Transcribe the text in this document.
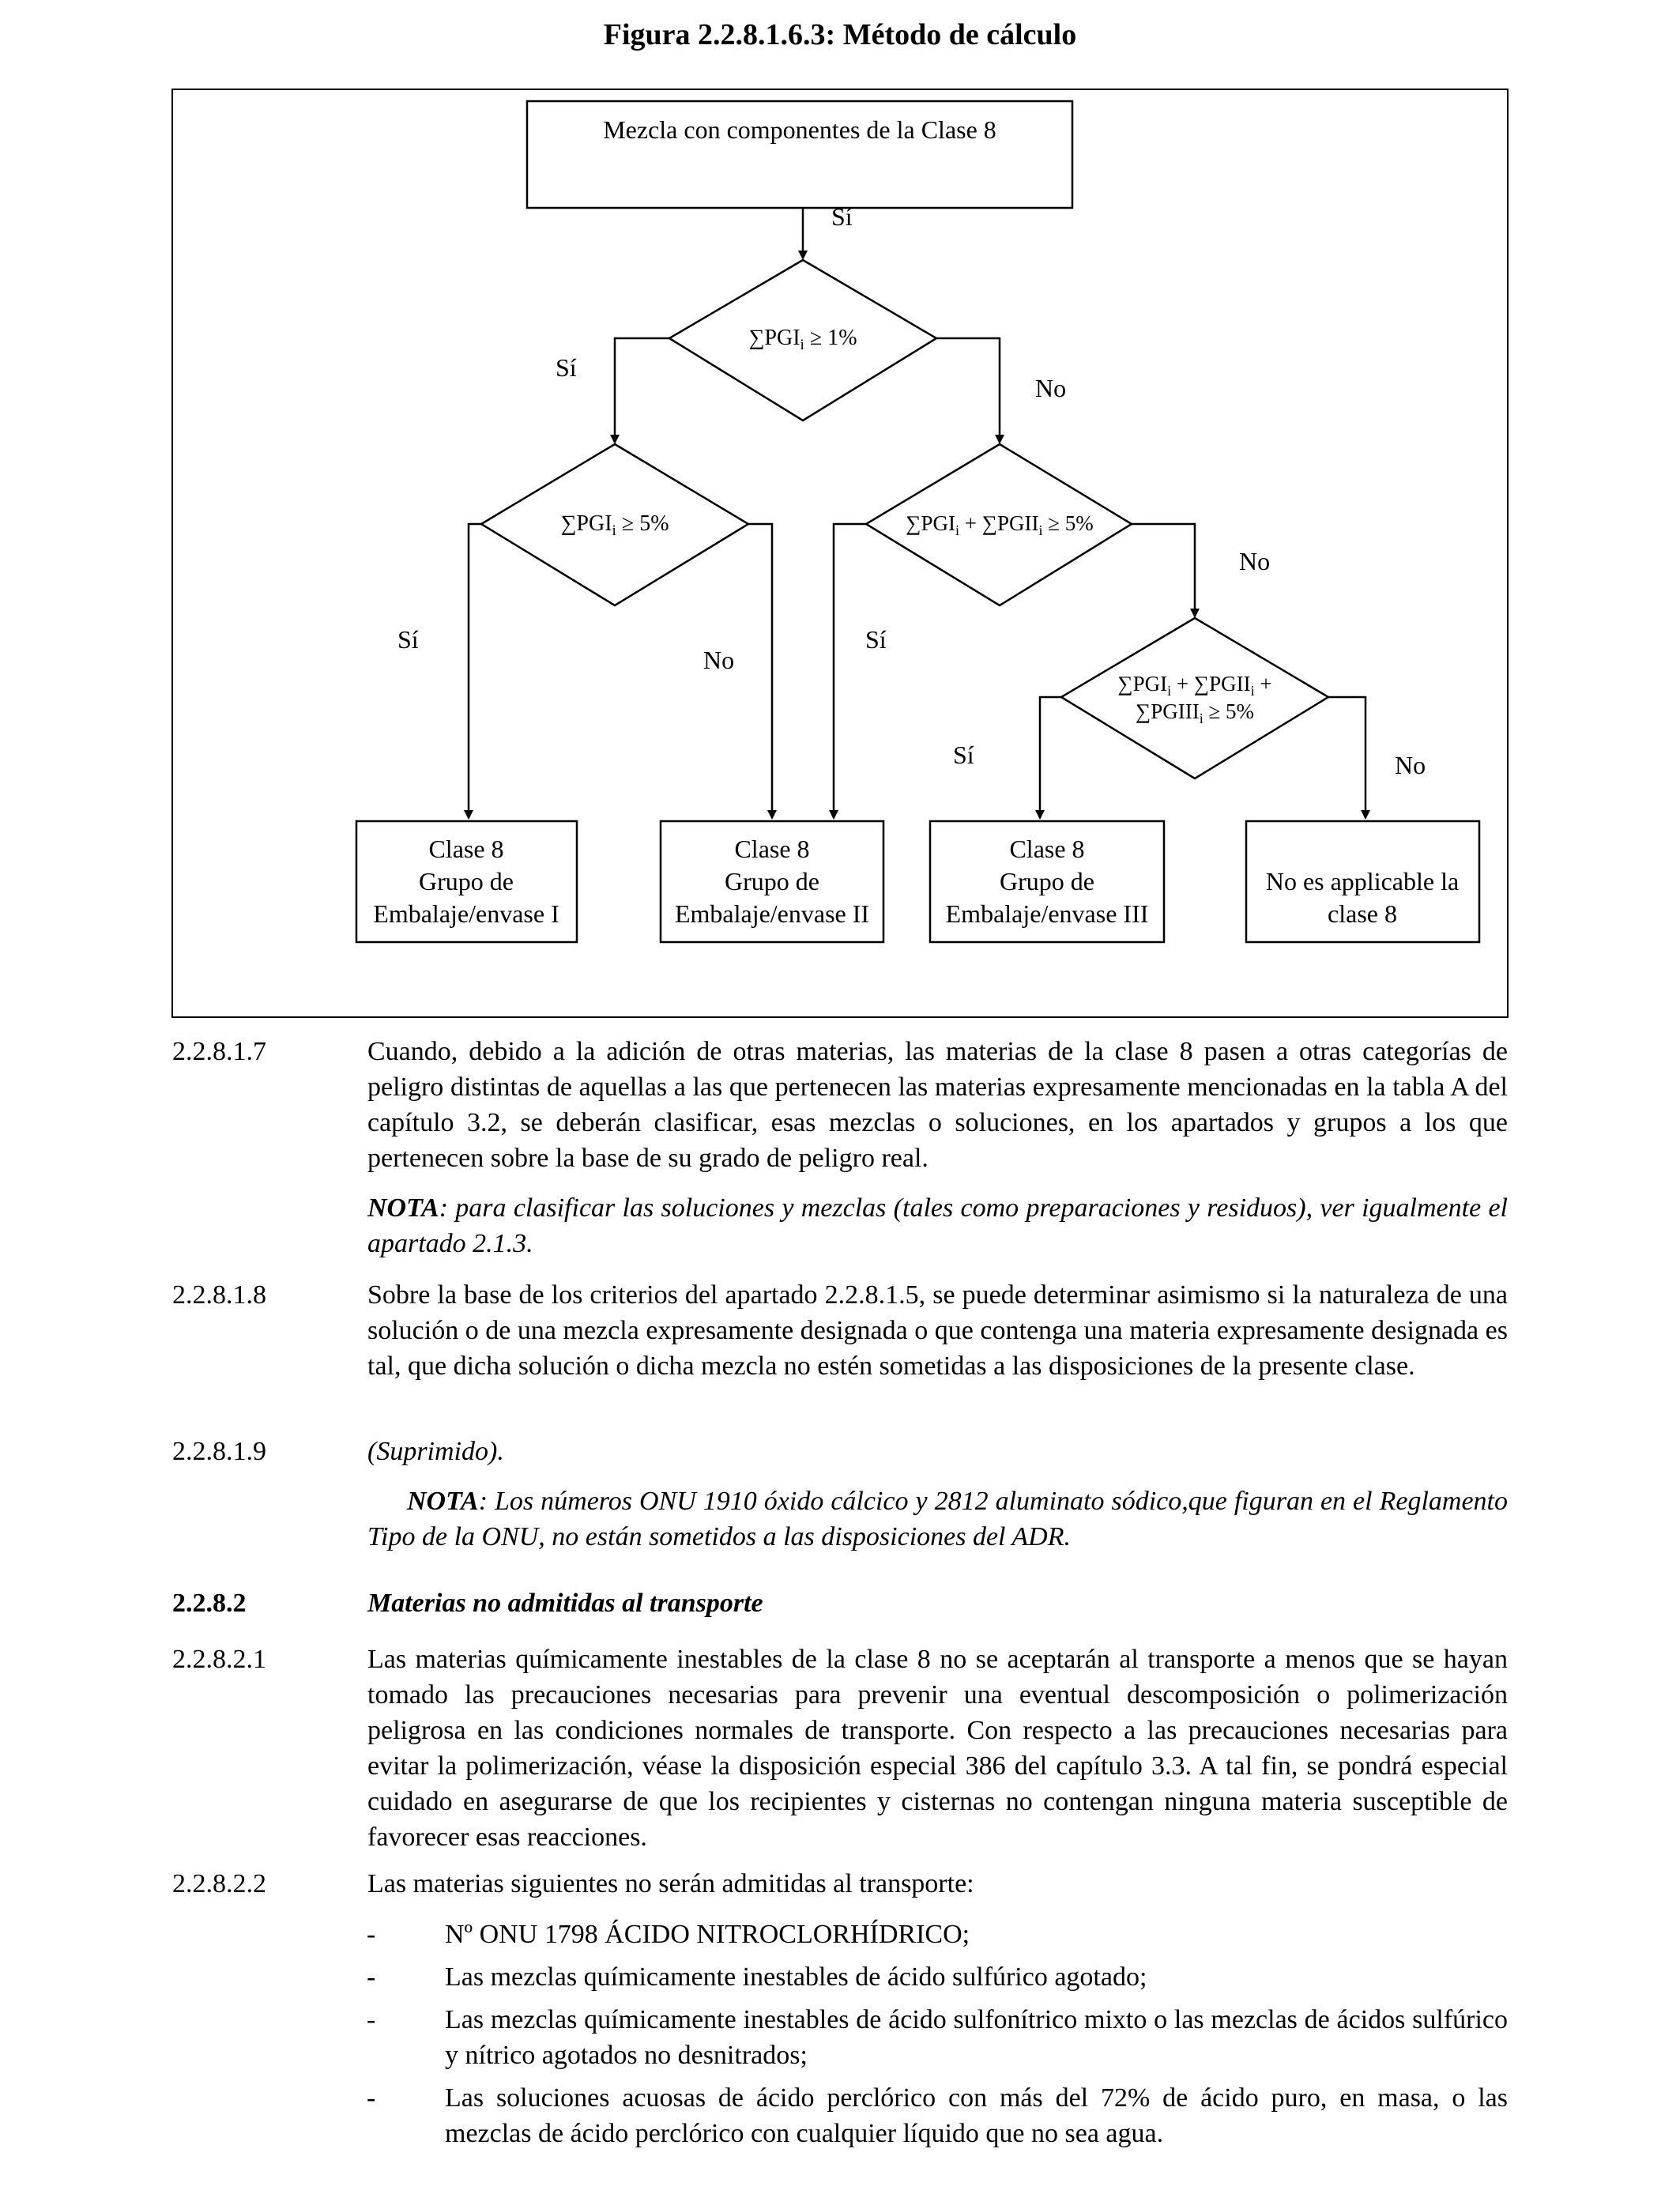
Figura 2.2.8.1.6.3: Método de cálculo
Mezcla con componentes de la Clase 8
Sí
$\sum PGI_i \ge 1\%$
Sí
No
$\sum PGI_i \ge 5\%$
Sí
No
$\sum PGI_i$ + $\sum PGII_i \ge 5\%$
Sí
No
$\sum PGI_i$ + $\sum PGII_i$ +
$\sum PGIII_i \ge 5\%$
Sí	No
Clase 8
Grupo de
Embalaje/envase I
Clase 8
Grupo de
Embalaje/envase II
Clase 8
Grupo de
Embalaje/envase III
No es applicable la
clase 8
2.2.8.1.7	Cuando, debido a la adición de otras materias, las materias de la clase 8 pasen a otras categorías de peligro distintas de aquellas a las que pertenecen las materias expresamente mencionadas en la tabla A del capítulo 3.2, se deberán clasificar, esas mezclas o soluciones, en los apartados y grupos a los que pertenecen sobre la base de su grado de peligro real.
NOTA: para clasificar las soluciones y mezclas (tales como preparaciones y residuos), ver igualmente el apartado 2.1.3.
2.2.8.1.8	Sobre la base de los criterios del apartado 2.2.8.1.5, se puede determinar asimismo si la naturaleza de una solución o de una mezcla expresamente designada o que contenga una materia expresamente designada es tal, que dicha solución o dicha mezcla no estén sometidas a las disposiciones de la presente clase.
2.2.8.1.9	(Suprimido).
NOTA: Los números ONU 1910 óxido cálcico y 2812 aluminato sódico,que figuran en el Reglamento Tipo de la ONU, no están sometidos a las disposiciones del ADR.
2.2.8.2	Materias no admitidas al transporte
2.2.8.2.1	Las materias químicamente inestables de la clase 8 no se aceptarán al transporte a menos que se hayan tomado las precauciones necesarias para prevenir una eventual descomposición o polimerización peligrosa en las condiciones normales de transporte. Con respecto a las precauciones necesarias para evitar la polimerización, véase la disposición especial 386 del capítulo 3.3. A tal fin, se pondrá especial cuidado en asegurarse de que los recipientes y cisternas no contengan ninguna materia susceptible de favorecer esas reacciones.
2.2.8.2.2	Las materias siguientes no serán admitidas al transporte:
-	Nº ONU 1798 ÁCIDO NITROCLORHÍDRICO;
-	Las mezclas químicamente inestables de ácido sulfúrico agotado;
-	Las mezclas químicamente inestables de ácido sulfonítrico mixto o las mezclas de ácidos sulfúrico y nítrico agotados no desnitrados;
-	Las soluciones acuosas de ácido perclórico con más del 72% de ácido puro, en masa, o las mezclas de ácido perclórico con cualquier líquido que no sea agua.
